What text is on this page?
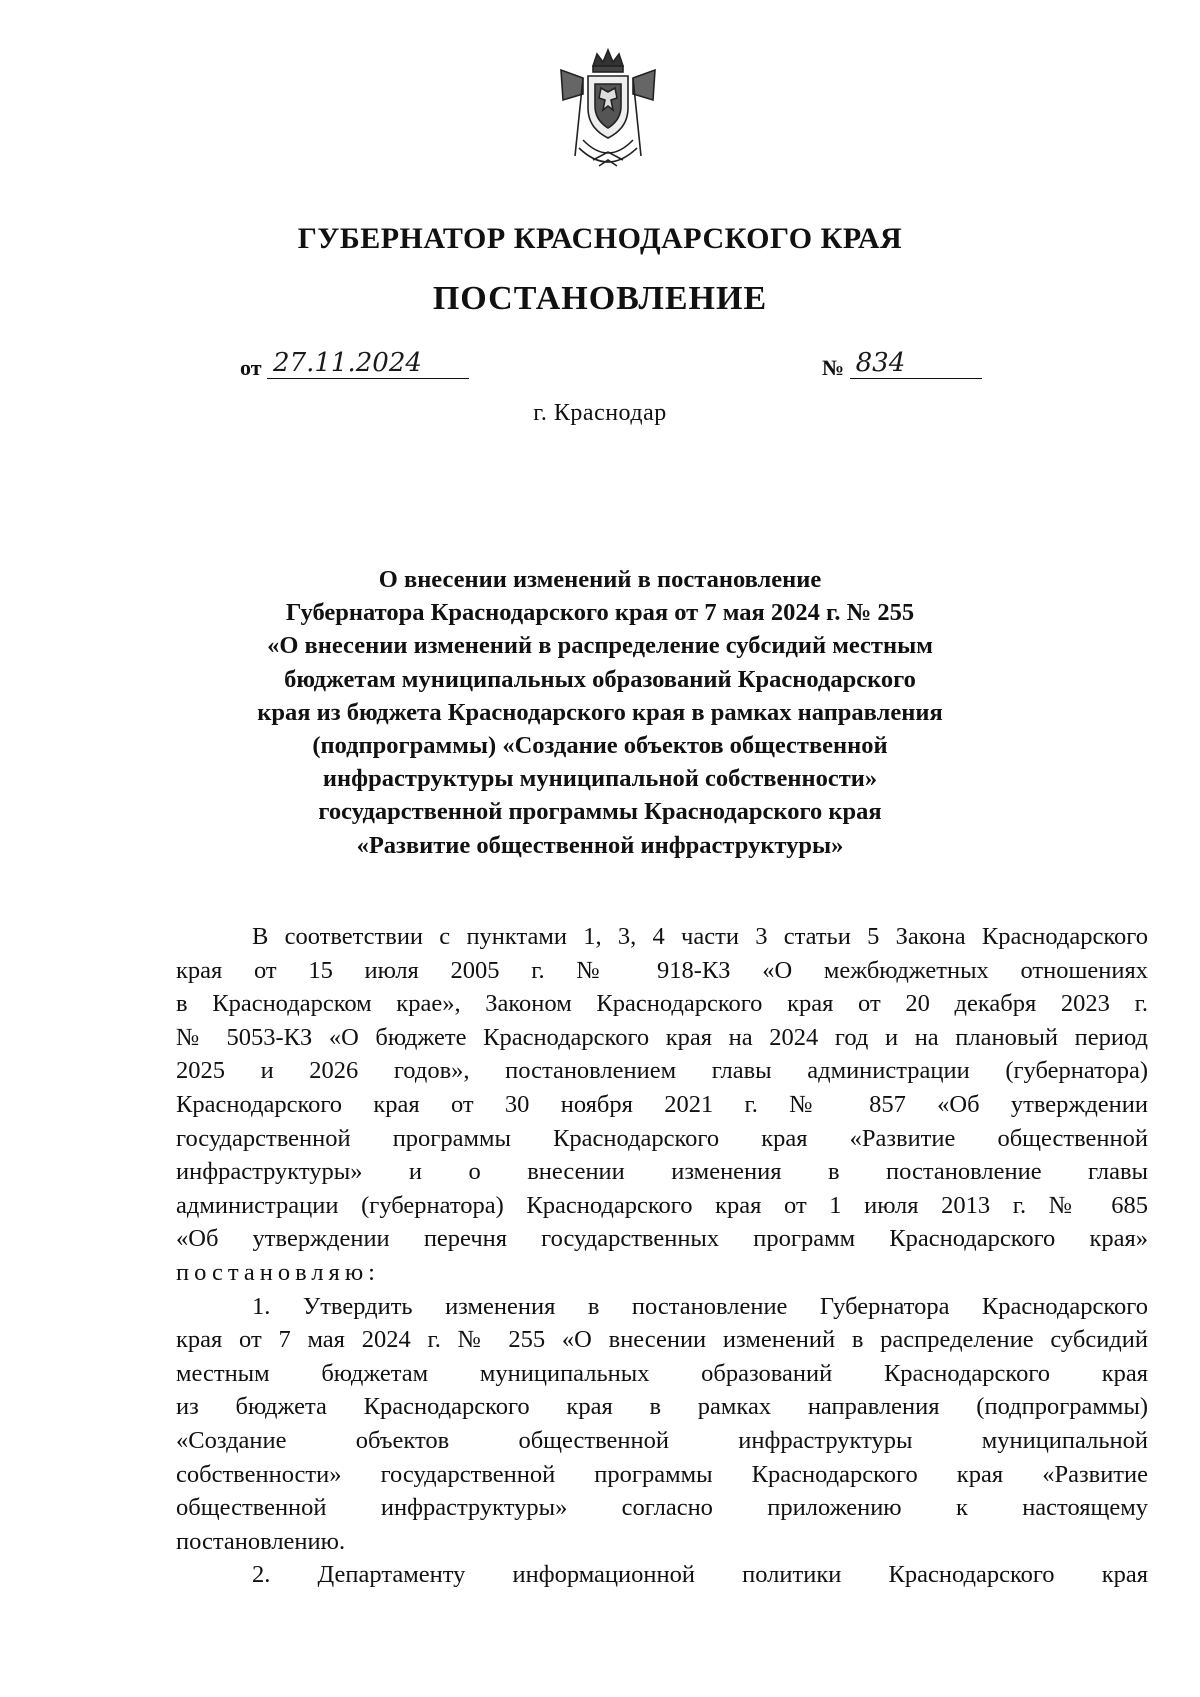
ГУБЕРНАТОР КРАСНОДАРСКОГО КРАЯ
ПОСТАНОВЛЕНИЕ
от 27.11.2024	№ 834
г. Краснодар
О внесении изменений в постановление
Губернатора Краснодарского края от 7 мая 2024 г. № 255
«О внесении изменений в распределение субсидий местным
бюджетам муниципальных образований Краснодарского
края из бюджета Краснодарского края в рамках направления
(подпрограммы) «Создание объектов общественной
инфраструктуры муниципальной собственности»
государственной программы Краснодарского края
«Развитие общественной инфраструктуры»
В соответствии с пунктами 1, 3, 4 части 3 статьи 5 Закона Краснодарского
края от 15 июля 2005 г. № 918-КЗ «О межбюджетных отношениях
в Краснодарском крае», Законом Краснодарского края от 20 декабря 2023 г.
№ 5053-КЗ «О бюджете Краснодарского края на 2024 год и на плановый период
2025 и 2026 годов», постановлением главы администрации (губернатора)
Краснодарского края от 30 ноября 2021 г. № 857 «Об утверждении
государственной программы Краснодарского края «Развитие общественной
инфраструктуры» и о внесении изменения в постановление главы
администрации (губернатора) Краснодарского края от 1 июля 2013 г. № 685
«Об утверждении перечня государственных программ Краснодарского края»
постановляю:
1. Утвердить изменения в постановление Губернатора Краснодарского
края от 7 мая 2024 г. № 255 «О внесении изменений в распределение субсидий
местным бюджетам муниципальных образований Краснодарского края
из бюджета Краснодарского края в рамках направления (подпрограммы)
«Создание объектов общественной инфраструктуры муниципальной
собственности» государственной программы Краснодарского края «Развитие
общественной инфраструктуры» согласно приложению к настоящему
постановлению.
2. Департаменту информационной политики Краснодарского края
